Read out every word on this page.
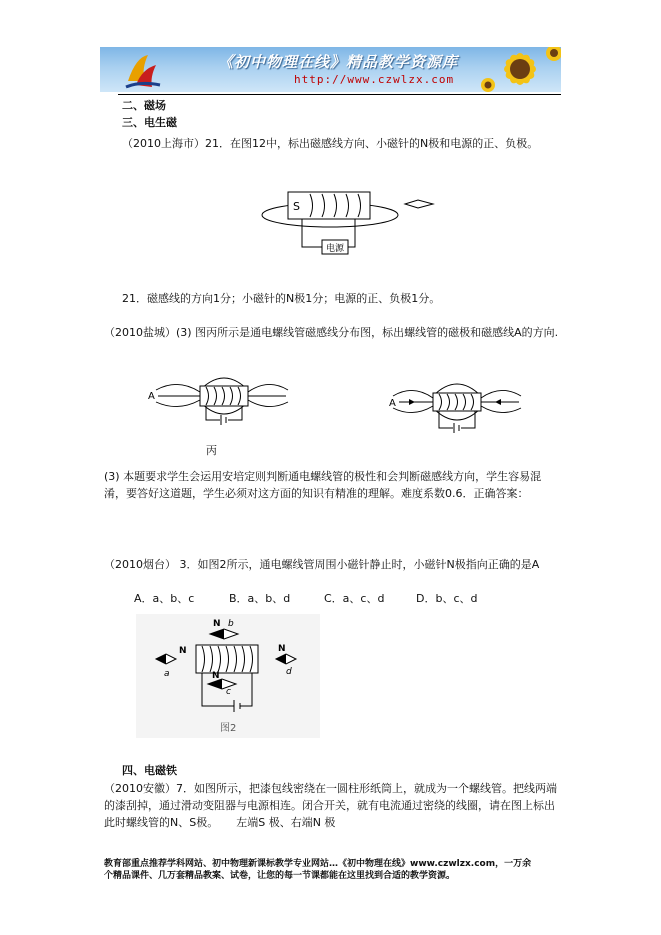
《初中物理在线》精品教学资源库
http://www.czwlzx.com
二、磁场
三、电生磁
（2010上海市）21．在图12中，标出磁感线方向、小磁针的N极和电源的正、负极。
S
电源
21．磁感线的方向1分；小磁针的N极1分；电源的正、负极1分。
（2010盐城）(3) 图丙所示是通电螺线管磁感线分布图，标出螺线管的磁极和磁感线A的方向.
A
丙
A
(3) 本题要求学生会运用安培定则判断通电螺线管的极性和会判断磁感线方向，学生容易混淆，要答好这道题，学生必须对这方面的知识有精准的理解。难度系数0.6．正确答案：
（2010烟台） 3．如图2所示，通电螺线管周围小磁针静止时，小磁针N极指向正确的是A
A．a、b、c	B．a、b、d	C．a、c、d	D．b、c、d
N
a
N b
N
d
N
c
图2
四、电磁铁
（2010安徽）7．如图所示，把漆包线密绕在一圆柱形纸筒上，就成为一个螺线管。把线两端的漆刮掉，通过滑动变阻器与电源相连。闭合开关，就有电流通过密绕的线圈，请在图上标出此时螺线管的N、S极。 左端S 极、右端N 极
教育部重点推荐学科网站、初中物理新课标教学专业网站…《初中物理在线》www.czwlzx.com，一万余
个精品课件、几万套精品教案、试卷，让您的每一节课都能在这里找到合适的教学资源。
